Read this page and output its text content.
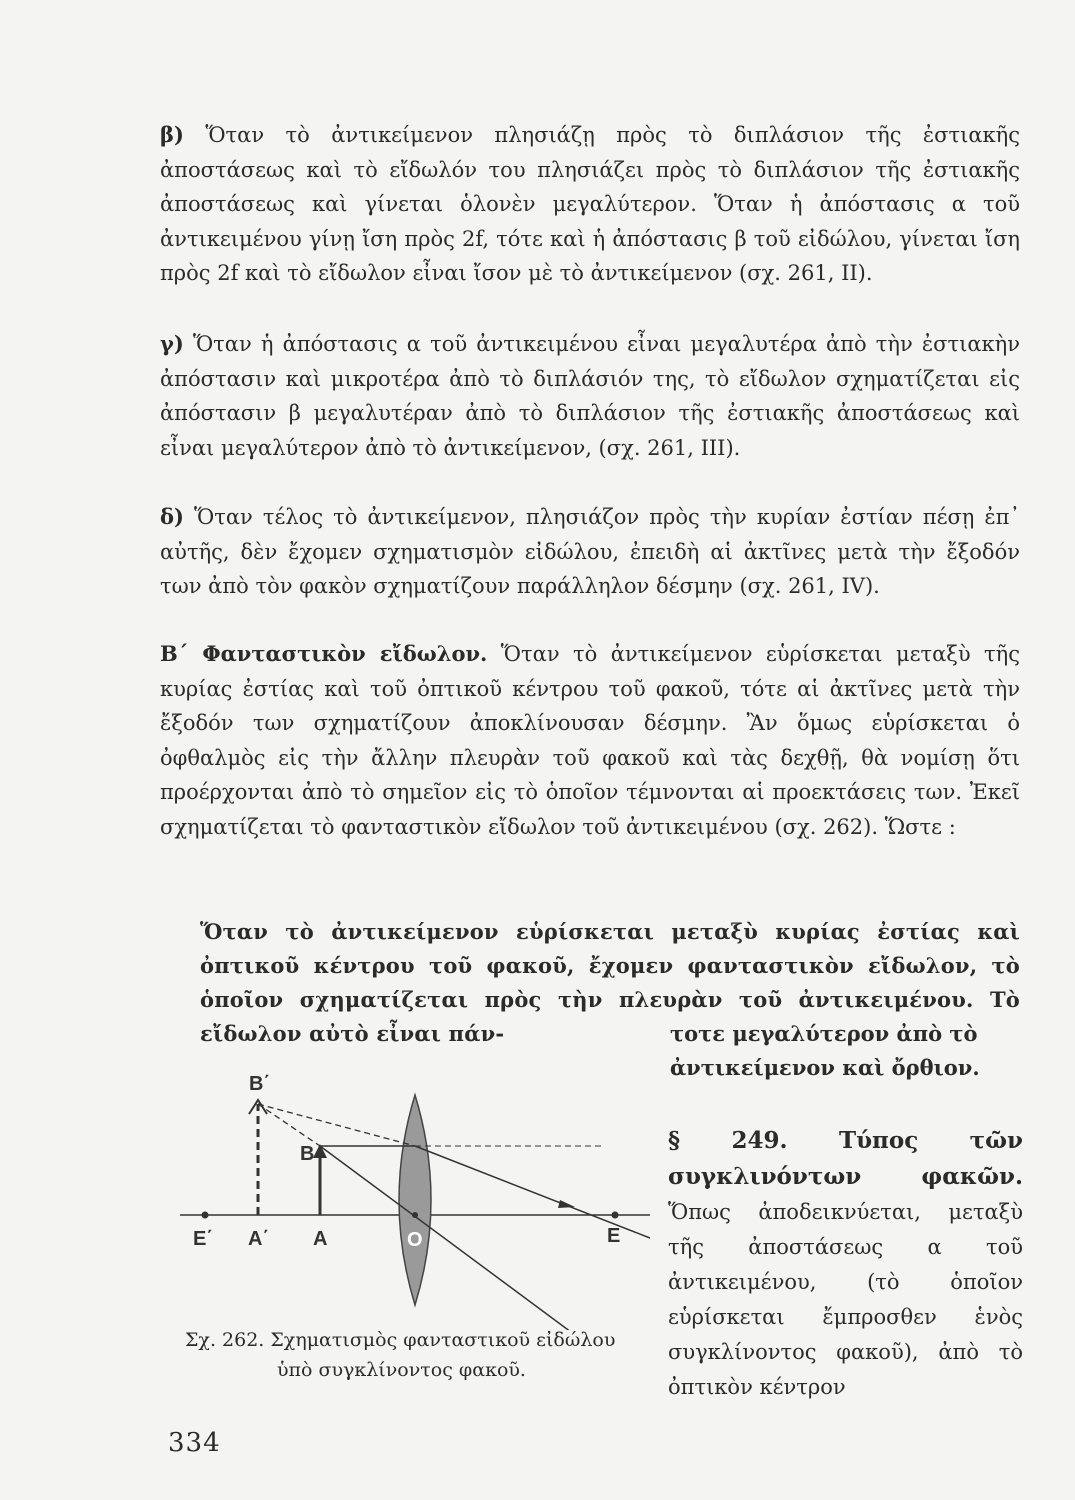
β) Ὅταν τὸ ἀντικείμενον πλησιάζῃ πρὸς τὸ διπλάσιον τῆς ἐστιακῆς ἀποστάσεως καὶ τὸ εἴδωλόν του πλησιάζει πρὸς τὸ διπλάσιον τῆς ἐστιακῆς ἀποστάσεως καὶ γίνεται ὁλονὲν μεγαλύτερον. Ὅταν ἡ ἀπόστασις α τοῦ ἀντικειμένου γίνῃ ἴση πρὸς 2f, τότε καὶ ἡ ἀπόστασις β τοῦ εἰδώλου, γίνεται ἴση πρὸς 2f καὶ τὸ εἴδωλον εἶναι ἴσον μὲ τὸ ἀντικείμενον (σχ. 261, II).

γ) Ὅταν ἡ ἀπόστασις α τοῦ ἀντικειμένου εἶναι μεγαλυτέρα ἀπὸ τὴν ἐστιακὴν ἀπόστασιν καὶ μικροτέρα ἀπὸ τὸ διπλάσιόν της, τὸ εἴδωλον σχηματίζεται εἰς ἀπόστασιν β μεγαλυτέραν ἀπὸ τὸ διπλάσιον τῆς ἐστιακῆς ἀποστάσεως καὶ εἶναι μεγαλύτερον ἀπὸ τὸ ἀντικείμενον, (σχ. 261, III).

δ) Ὅταν τέλος τὸ ἀντικείμενον, πλησιάζον πρὸς τὴν κυρίαν ἐστίαν πέσῃ ἐπ᾽ αὐτῆς, δὲν ἔχομεν σχηματισμὸν εἰδώλου, ἐπειδὴ αἱ ἀκτῖνες μετὰ τὴν ἔξοδόν των ἀπὸ τὸν φακὸν σχηματίζουν παράλληλον δέσμην (σχ. 261, IV).

Β΄ Φανταστικὸν εἴδωλον. Ὅταν τὸ ἀντικείμενον εὑρίσκεται μεταξὺ τῆς κυρίας ἐστίας καὶ τοῦ ὀπτικοῦ κέντρου τοῦ φακοῦ, τότε αἱ ἀκτῖνες μετὰ τὴν ἔξοδόν των σχηματίζουν ἀποκλίνουσαν δέσμην. Ἂν ὅμως εὑρίσκεται ὁ ὀφθαλμὸς εἰς τὴν ἄλλην πλευρὰν τοῦ φακοῦ καὶ τὰς δεχθῇ, θὰ νομίσῃ ὅτι προέρχονται ἀπὸ τὸ σημεῖον εἰς τὸ ὁποῖον τέμνονται αἱ προεκτάσεις των. Ἐκεῖ σχηματίζεται τὸ φανταστικὸν εἴδωλον τοῦ ἀντικειμένου (σχ. 262). Ὥστε :

Ὅταν τὸ ἀντικείμενον εὑρίσκεται μεταξὺ κυρίας ἐστίας καὶ ὀπτικοῦ κέντρου τοῦ φακοῦ, ἔχομεν φανταστικὸν εἴδωλον, τὸ ὁποῖον σχηματίζεται πρὸς τὴν πλευρὰν τοῦ ἀντικειμένου. Τὸ εἴδωλον αὐτὸ εἶναι πάν-	τοτε μεγαλύτερον ἀπὸ τὸ ἀντικείμενον καὶ ὄρθιον.

Β΄
Β
Ε΄ Α΄ Α	Ο	Ε

Σχ. 262. Σχηματισμὸς φανταστικοῦ εἰδώλου
ὑπὸ συγκλίνοντος φακοῦ.

§ 249. Τύπος τῶν συγκλινόντων φακῶν. Ὅπως ἀποδεικνύεται, μεταξὺ τῆς ἀποστάσεως α τοῦ ἀντικειμένου, (τὸ ὁποῖον εὑρίσκεται ἔμπροσθεν ἑνὸς συγκλίνοντος φακοῦ), ἀπὸ τὸ ὀπτικὸν κέντρον

334
